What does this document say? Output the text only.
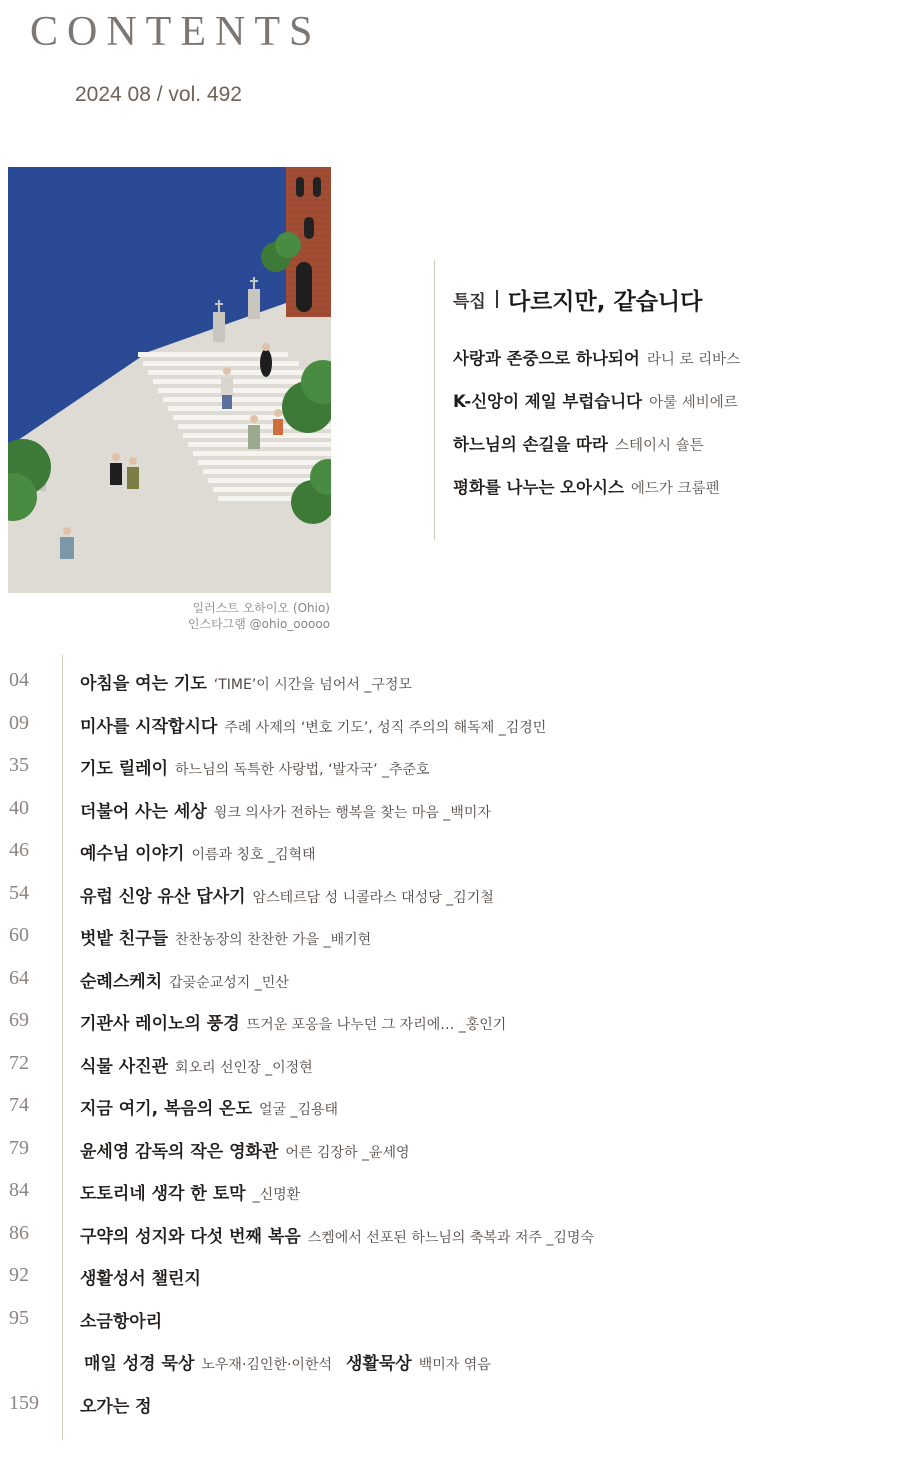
CONTENTS
2024 08 / vol. 492
일러스트 오하이오 (Ohio)
인스타그램 @ohio_ooooo
특집 다르지만, 같습니다
사랑과 존중으로 하나되어 라니 로 리바스
K-신앙이 제일 부럽습니다 아룰 세비에르
하느님의 손길을 따라 스테이시 숄튼
평화를 나누는 오아시스 에드가 크룸펜
04	아침을 여는 기도 ‘TIME’이 시간을 넘어서 _구정모
09	미사를 시작합시다 주례 사제의 ‘변호 기도’, 성직 주의의 해독제 _김경민
35	기도 릴레이 하느님의 독특한 사랑법, ‘발자국’ _추준호
40	더불어 사는 세상 윙크 의사가 전하는 행복을 찾는 마음 _백미자
46	예수님 이야기 이름과 칭호 _김혁태
54	유럽 신앙 유산 답사기 암스테르담 성 니콜라스 대성당 _김기철
60	벗밭 친구들 찬찬농장의 찬찬한 가을 _배기현
64	순례스케치 갑곶순교성지 _민산
69	기관사 레이노의 풍경 뜨거운 포옹을 나누던 그 자리에… _홍인기
72	식물 사진관 회오리 선인장 _이정현
74	지금 여기, 복음의 온도 얼굴 _김용태
79	윤세영 감독의 작은 영화관 어른 김장하 _윤세영
84	도토리네 생각 한 토막 _신명환
86	구약의 성지와 다섯 번째 복음 스켐에서 선포된 하느님의 축복과 저주 _김명숙
92	생활성서 챌린지
95	소금항아리
매일 성경 묵상 노우재·김인한·이한석 생활묵상 백미자 엮음
159	오가는 정
